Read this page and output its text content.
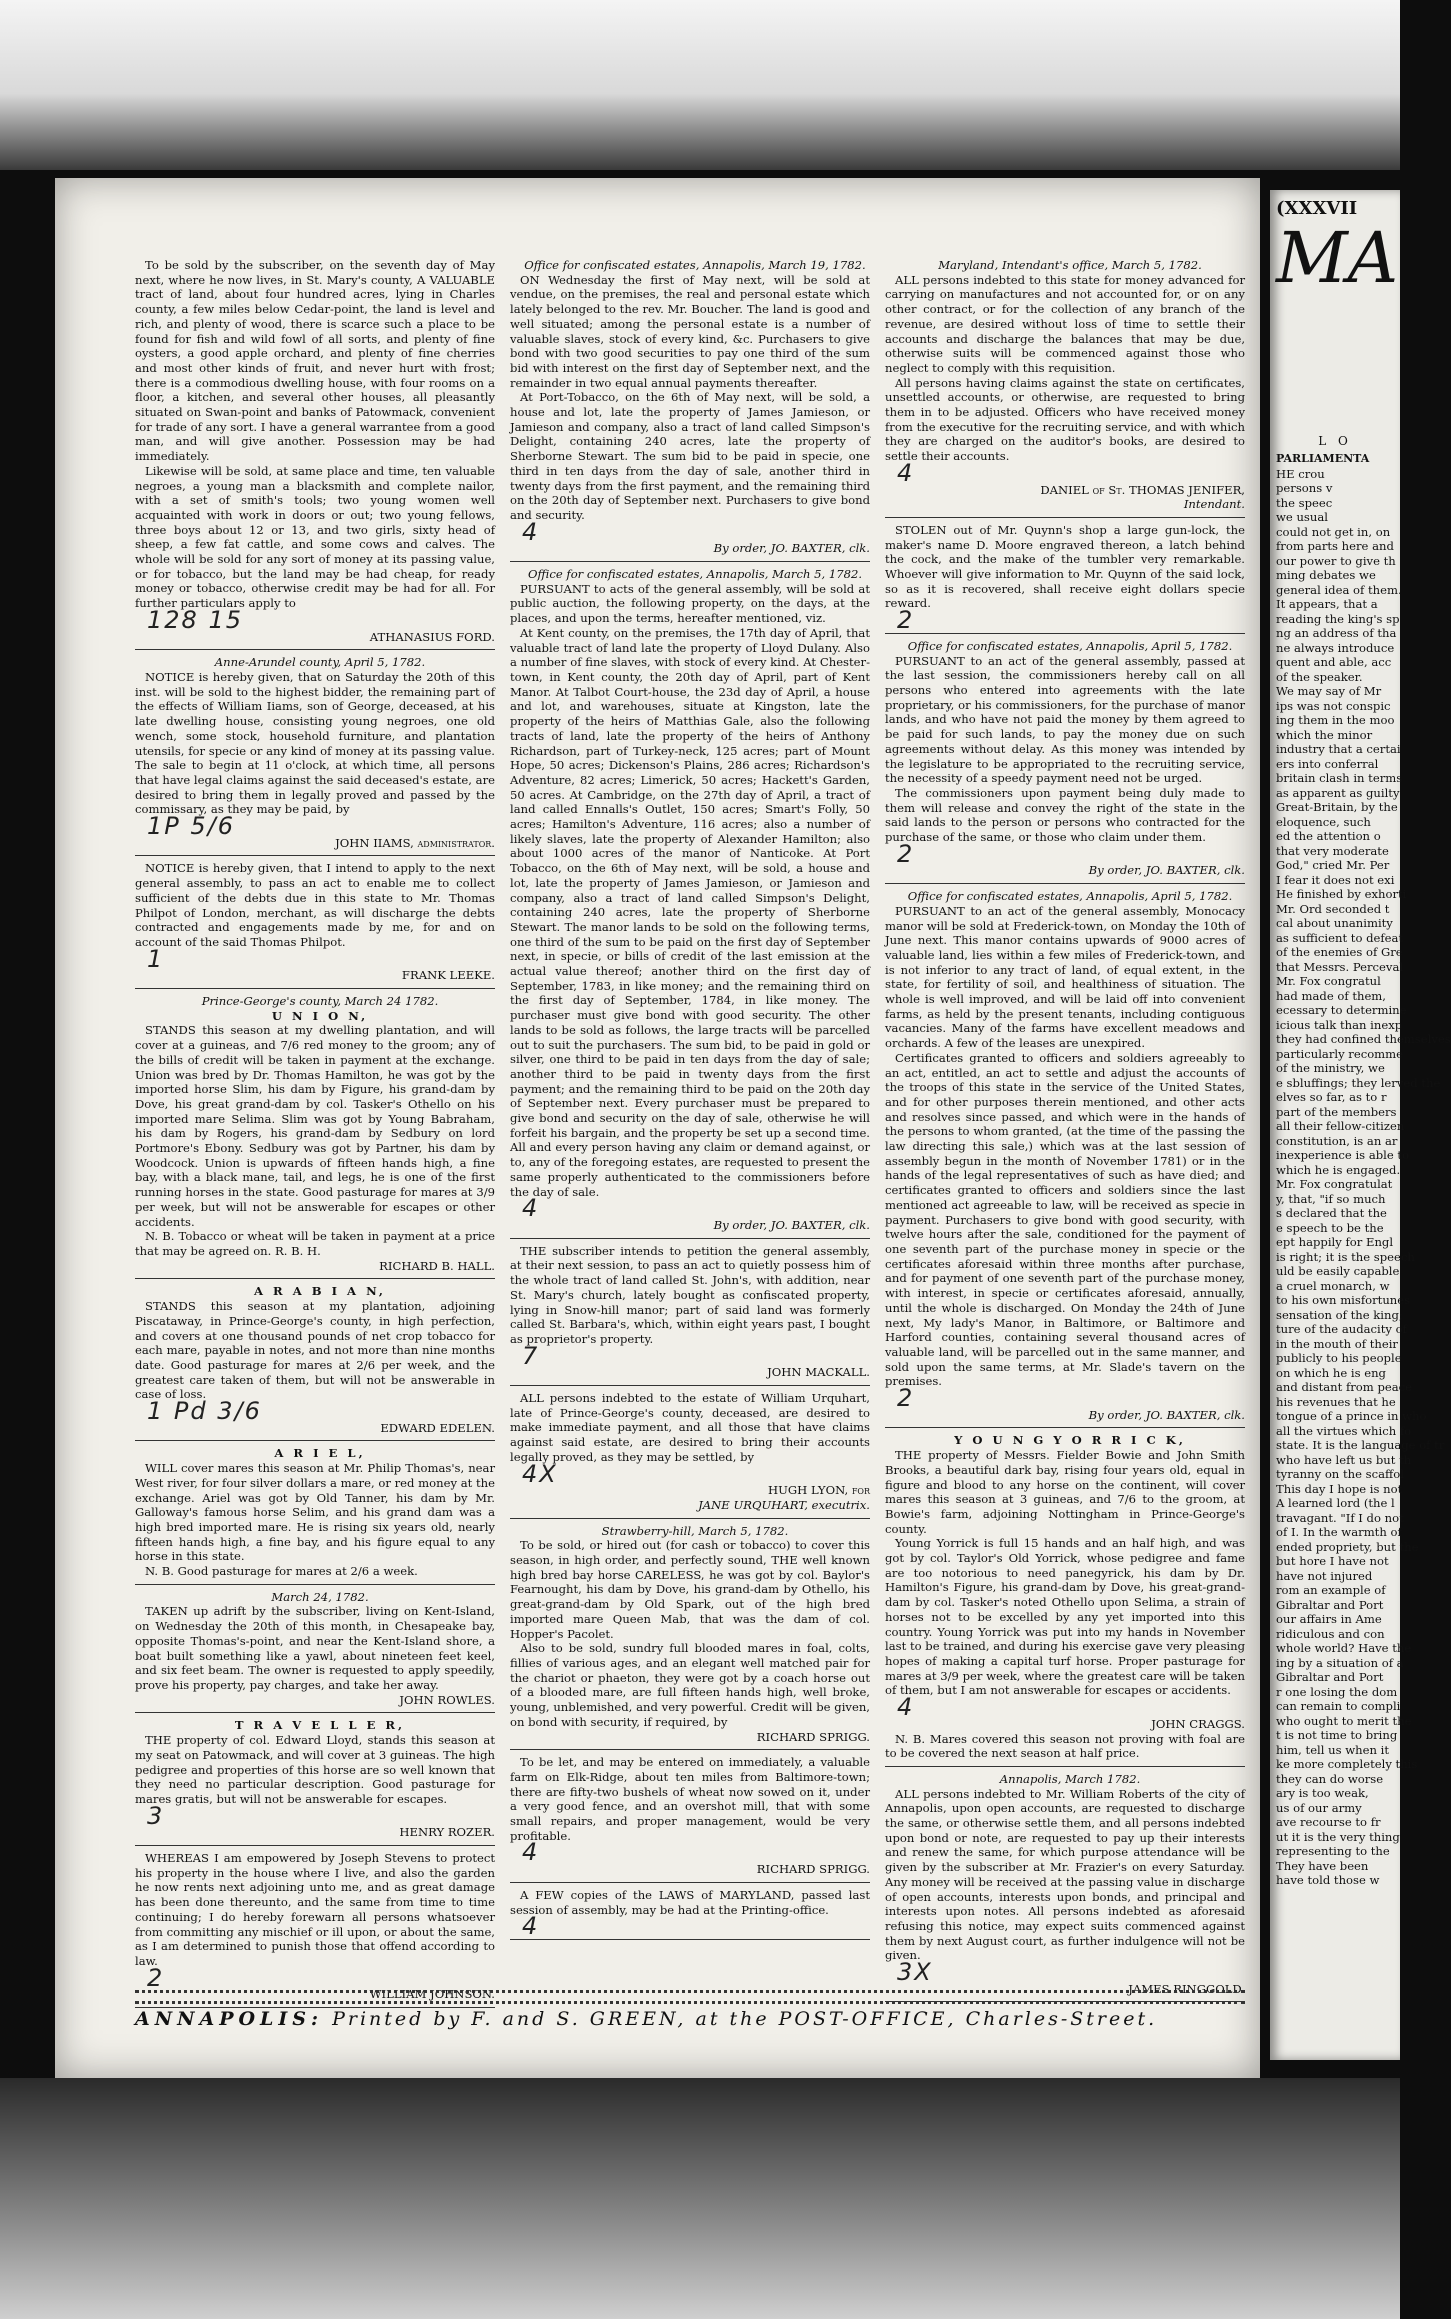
To be sold by the subscriber, on the seventh day of May next, where he now lives, in St. Mary's county, A VALUABLE tract of land, about four hundred acres, lying in Charles county, a few miles below Cedar-point, the land is level and rich, and plenty of wood, there is scarce such a place to be found for fish and wild fowl of all sorts, and plenty of fine oysters, a good apple orchard, and plenty of fine cherries and most other kinds of fruit, and never hurt with frost; there is a commodious dwelling house, with four rooms on a floor, a kitchen, and several other houses, all pleasantly situated on Swan-point and banks of Patowmack, convenient for trade of any sort. I have a general warrantee from a good man, and will give another. Possession may be had immediately.

Likewise will be sold, at same place and time, ten valuable negroes, a young man a blacksmith and complete nailor, with a set of smith's tools; two young women well acquainted with work in doors or out; two young fellows, three boys about 12 or 13, and two girls, sixty head of sheep, a few fat cattle, and some cows and calves. The whole will be sold for any sort of money at its passing value, or for tobacco, but the land may be had cheap, for ready money or tobacco, otherwise credit may be had for all. For further particulars apply to

128 15

ATHANASIUS FORD.

Anne-Arundel county, April 5, 1782.

NOTICE is hereby given, that on Saturday the 20th of this inst. will be sold to the highest bidder, the remaining part of the effects of William Iiams, son of George, deceased, at his late dwelling house, consisting young negroes, one old wench, some stock, household furniture, and plantation utensils, for specie or any kind of money at its passing value. The sale to begin at 11 o'clock, at which time, all persons that have legal claims against the said deceased's estate, are desired to bring them in legally proved and passed by the commissary, as they may be paid, by

1P 5/6

JOHN IIAMS, administrator.

NOTICE is hereby given, that I intend to apply to the next general assembly, to pass an act to enable me to collect sufficient of the debts due in this state to Mr. Thomas Philpot of London, merchant, as will discharge the debts contracted and engagements made by me, for and on account of the said Thomas Philpot.

1

FRANK LEEKE.

Prince-George's county, March 24 1782.

U N I O N,

STANDS this season at my dwelling plantation, and will cover at a guineas, and 7/6 red money to the groom; any of the bills of credit will be taken in payment at the exchange. Union was bred by Dr. Thomas Hamilton, he was got by the imported horse Slim, his dam by Figure, his grand-dam by Dove, his great grand-dam by col. Tasker's Othello on his imported mare Selima. Slim was got by Young Babraham, his dam by Rogers, his grand-dam by Sedbury on lord Portmore's Ebony. Sedbury was got by Partner, his dam by Woodcock. Union is upwards of fifteen hands high, a fine bay, with a black mane, tail, and legs, he is one of the first running horses in the state. Good pasturage for mares at 3/9 per week, but will not be answerable for escapes or other accidents.

N. B. Tobacco or wheat will be taken in payment at a price that may be agreed on. R. B. H.

RICHARD B. HALL.

A R A B I A N,

STANDS this season at my plantation, adjoining Piscataway, in Prince-George's county, in high perfection, and covers at one thousand pounds of net crop tobacco for each mare, payable in notes, and not more than nine months date. Good pasturage for mares at 2/6 per week, and the greatest care taken of them, but will not be answerable in case of loss.

1 Pd 3/6

EDWARD EDELEN.

A R I E L,

WILL cover mares this season at Mr. Philip Thomas's, near West river, for four silver dollars a mare, or red money at the exchange. Ariel was got by Old Tanner, his dam by Mr. Galloway's famous horse Selim, and his grand dam was a high bred imported mare. He is rising six years old, nearly fifteen hands high, a fine bay, and his figure equal to any horse in this state.

N. B. Good pasturage for mares at 2/6 a week.

March 24, 1782.

TAKEN up adrift by the subscriber, living on Kent-Island, on Wednesday the 20th of this month, in Chesapeake bay, opposite Thomas's-point, and near the Kent-Island shore, a boat built something like a yawl, about nineteen feet keel, and six feet beam. The owner is requested to apply speedily, prove his property, pay charges, and take her away.

JOHN ROWLES.

T R A V E L L E R,

THE property of col. Edward Lloyd, stands this season at my seat on Patowmack, and will cover at 3 guineas. The high pedigree and properties of this horse are so well known that they need no particular description. Good pasturage for mares gratis, but will not be answerable for escapes.

3

HENRY ROZER.

WHEREAS I am empowered by Joseph Stevens to protect his property in the house where I live, and also the garden he now rents next adjoining unto me, and as great damage has been done thereunto, and the same from time to time continuing; I do hereby forewarn all persons whatsoever from committing any mischief or ill upon, or about the same, as I am determined to punish those that offend according to law.

2

WILLIAM JOHNSON.

Office for confiscated estates, Annapolis, March 19, 1782.

ON Wednesday the first of May next, will be sold at vendue, on the premises, the real and personal estate which lately belonged to the rev. Mr. Boucher. The land is good and well situated; among the personal estate is a number of valuable slaves, stock of every kind, &c. Purchasers to give bond with two good securities to pay one third of the sum bid with interest on the first day of September next, and the remainder in two equal annual payments thereafter.

At Port-Tobacco, on the 6th of May next, will be sold, a house and lot, late the property of James Jamieson, or Jamieson and company, also a tract of land called Simpson's Delight, containing 240 acres, late the property of Sherborne Stewart. The sum bid to be paid in specie, one third in ten days from the day of sale, another third in twenty days from the first payment, and the remaining third on the 20th day of September next. Purchasers to give bond and security.

4

By order, JO. BAXTER, clk.

Office for confiscated estates, Annapolis, March 5, 1782.

PURSUANT to acts of the general assembly, will be sold at public auction, the following property, on the days, at the places, and upon the terms, hereafter mentioned, viz.

At Kent county, on the premises, the 17th day of April, that valuable tract of land late the property of Lloyd Dulany. Also a number of fine slaves, with stock of every kind. At Chester-town, in Kent county, the 20th day of April, part of Kent Manor. At Talbot Court-house, the 23d day of April, a house and lot, and warehouses, situate at Kingston, late the property of the heirs of Matthias Gale, also the following tracts of land, late the property of the heirs of Anthony Richardson, part of Turkey-neck, 125 acres; part of Mount Hope, 50 acres; Dickenson's Plains, 286 acres; Richardson's Adventure, 82 acres; Limerick, 50 acres; Hackett's Garden, 50 acres. At Cambridge, on the 27th day of April, a tract of land called Ennalls's Outlet, 150 acres; Smart's Folly, 50 acres; Hamilton's Adventure, 116 acres; also a number of likely slaves, late the property of Alexander Hamilton; also about 1000 acres of the manor of Nanticoke. At Port Tobacco, on the 6th of May next, will be sold, a house and lot, late the property of James Jamieson, or Jamieson and company, also a tract of land called Simpson's Delight, containing 240 acres, late the property of Sherborne Stewart. The manor lands to be sold on the following terms, one third of the sum to be paid on the first day of September next, in specie, or bills of credit of the last emission at the actual value thereof; another third on the first day of September, 1783, in like money; and the remaining third on the first day of September, 1784, in like money. The purchaser must give bond with good security. The other lands to be sold as follows, the large tracts will be parcelled out to suit the purchasers. The sum bid, to be paid in gold or silver, one third to be paid in ten days from the day of sale; another third to be paid in twenty days from the first payment; and the remaining third to be paid on the 20th day of September next. Every purchaser must be prepared to give bond and security on the day of sale, otherwise he will forfeit his bargain, and the property be set up a second time. All and every person having any claim or demand against, or to, any of the foregoing estates, are requested to present the same properly authenticated to the commissioners before the day of sale.

4

By order, JO. BAXTER, clk.

THE subscriber intends to petition the general assembly, at their next session, to pass an act to quietly possess him of the whole tract of land called St. John's, with addition, near St. Mary's church, lately bought as confiscated property, lying in Snow-hill manor; part of said land was formerly called St. Barbara's, which, within eight years past, I bought as proprietor's property.

7

JOHN MACKALL.

ALL persons indebted to the estate of William Urquhart, late of Prince-George's county, deceased, are desired to make immediate payment, and all those that have claims against said estate, are desired to bring their accounts legally proved, as they may be settled, by

4X

HUGH LYON, for

JANE URQUHART, executrix.

Strawberry-hill, March 5, 1782.

To be sold, or hired out (for cash or tobacco) to cover this season, in high order, and perfectly sound, THE well known high bred bay horse CARELESS, he was got by col. Baylor's Fearnought, his dam by Dove, his grand-dam by Othello, his great-grand-dam by Old Spark, out of the high bred imported mare Queen Mab, that was the dam of col. Hopper's Pacolet.

Also to be sold, sundry full blooded mares in foal, colts, fillies of various ages, and an elegant well matched pair for the chariot or phaeton, they were got by a coach horse out of a blooded mare, are full fifteen hands high, well broke, young, unblemished, and very powerful. Credit will be given, on bond with security, if required, by

RICHARD SPRIGG.

To be let, and may be entered on immediately, a valuable farm on Elk-Ridge, about ten miles from Baltimore-town; there are fifty-two bushels of wheat now sowed on it, under a very good fence, and an overshot mill, that with some small repairs, and proper management, would be very profitable.

4

RICHARD SPRIGG.

A FEW copies of the LAWS of MARYLAND, passed last session of assembly, may be had at the Printing-office.

4

Maryland, Intendant's office, March 5, 1782.

ALL persons indebted to this state for money advanced for carrying on manufactures and not accounted for, or on any other contract, or for the collection of any branch of the revenue, are desired without loss of time to settle their accounts and discharge the balances that may be due, otherwise suits will be commenced against those who neglect to comply with this requisition.

All persons having claims against the state on certificates, unsettled accounts, or otherwise, are requested to bring them in to be adjusted. Officers who have received money from the executive for the recruiting service, and with which they are charged on the auditor's books, are desired to settle their accounts.

4

DANIEL of St. THOMAS JENIFER,

Intendant.

STOLEN out of Mr. Quynn's shop a large gun-lock, the maker's name D. Moore engraved thereon, a latch behind the cock, and the make of the tumbler very remarkable. Whoever will give information to Mr. Quynn of the said lock, so as it is recovered, shall receive eight dollars specie reward.

2

Office for confiscated estates, Annapolis, April 5, 1782.

PURSUANT to an act of the general assembly, passed at the last session, the commissioners hereby call on all persons who entered into agreements with the late proprietary, or his commissioners, for the purchase of manor lands, and who have not paid the money by them agreed to be paid for such lands, to pay the money due on such agreements without delay. As this money was intended by the legislature to be appropriated to the recruiting service, the necessity of a speedy payment need not be urged.

The commissioners upon payment being duly made to them will release and convey the right of the state in the said lands to the person or persons who contracted for the purchase of the same, or those who claim under them.

2

By order, JO. BAXTER, clk.

Office for confiscated estates, Annapolis, April 5, 1782.

PURSUANT to an act of the general assembly, Monocacy manor will be sold at Frederick-town, on Monday the 10th of June next. This manor contains upwards of 9000 acres of valuable land, lies within a few miles of Frederick-town, and is not inferior to any tract of land, of equal extent, in the state, for fertility of soil, and healthiness of situation. The whole is well improved, and will be laid off into convenient farms, as held by the present tenants, including contiguous vacancies. Many of the farms have excellent meadows and orchards. A few of the leases are unexpired.

Certificates granted to officers and soldiers agreeably to an act, entitled, an act to settle and adjust the accounts of the troops of this state in the service of the United States, and for other purposes therein mentioned, and other acts and resolves since passed, and which were in the hands of the persons to whom granted, (at the time of the passing the law directing this sale,) which was at the last session of assembly begun in the month of November 1781) or in the hands of the legal representatives of such as have died; and certificates granted to officers and soldiers since the last mentioned act agreeable to law, will be received as specie in payment. Purchasers to give bond with good security, with twelve hours after the sale, conditioned for the payment of one seventh part of the purchase money in specie or the certificates aforesaid within three months after purchase, and for payment of one seventh part of the purchase money, with interest, in specie or certificates aforesaid, annually, until the whole is discharged. On Monday the 24th of June next, My lady's Manor, in Baltimore, or Baltimore and Harford counties, containing several thousand acres of valuable land, will be parcelled out in the same manner, and sold upon the same terms, at Mr. Slade's tavern on the premises.

2

By order, JO. BAXTER, clk.

Y O U N G Y O R R I C K,

THE property of Messrs. Fielder Bowie and John Smith Brooks, a beautiful dark bay, rising four years old, equal in figure and blood to any horse on the continent, will cover mares this season at 3 guineas, and 7/6 to the groom, at Bowie's farm, adjoining Nottingham in Prince-George's county.

Young Yorrick is full 15 hands and an half high, and was got by col. Taylor's Old Yorrick, whose pedigree and fame are too notorious to need panegyrick, his dam by Dr. Hamilton's Figure, his grand-dam by Dove, his great-grand-dam by col. Tasker's noted Othello upon Selima, a strain of horses not to be excelled by any yet imported into this country. Young Yorrick was put into my hands in November last to be trained, and during his exercise gave very pleasing hopes of making a capital turf horse. Proper pasturage for mares at 3/9 per week, where the greatest care will be taken of them, but I am not answerable for escapes or accidents.

4

JOHN CRAGGS.

N. B. Mares covered this season not proving with foal are to be covered the next season at half price.

Annapolis, March 1782.

ALL persons indebted to Mr. William Roberts of the city of Annapolis, upon open accounts, are requested to discharge the same, or otherwise settle them, and all persons indebted upon bond or note, are requested to pay up their interests and renew the same, for which purpose attendance will be given by the subscriber at Mr. Frazier's on every Saturday. Any money will be received at the passing value in discharge of open accounts, interests upon bonds, and principal and interests upon notes. All persons indebted as aforesaid refusing this notice, may expect suits commenced against them by next August court, as further indulgence will not be given.

3X

JAMES RINGGOLD.

ANNAPOLIS: Printed by F. and S. GREEN, at the POST-OFFICE, Charles-Street.
(XXXVII
MA
L O
PARLIAMENTA
HE crou
persons v
the speec
we usual
could not get in, on
from parts here and
our power to give th
ming debates we
general idea of them.
It appears, that a
reading the king's sp
ng an address of tha
ne always introduce
quent and able, acc
of the speaker.
We may say of Mr
ips was not conspic
ing them in the moo
which the minor
industry that a certai
ers into conferral
britain clash in terms
as apparent as guilty
Great-Britain, by the
eloquence, such
ed the attention o
that very moderate
God," cried Mr. Per
I fear it does not exi
He finished by exhorti
Mr. Ord seconded t
cal about unanimity
as sufficient to defeat
of the enemies of Gre
that Messrs. Perceval
Mr. Fox congratul
had made of them,
ecessary to determine
icious talk than inexp
they had confined themselves
particularly recomme
of the ministry, we
e sbluffings; they lerved the
elves so far, as to r
part of the members
all their fellow-citizen
constitution, is an ar
inexperience is able to
which he is engaged.
Mr. Fox congratulat
y, that, "if so much
s declared that the
e speech to be the
ept happily for Engl
is right; it is the speech
uld be easily capable
a cruel monarch, w
to his own misfortunes
sensation of the king;
ture of the audacity of
in the mouth of their
publicly to his people
on which he is eng
and distant from peace
his revenues that he
tongue of a prince in who
all the virtues which fo
state. It is the language of tr
who have left us but th
tyranny on the scaffol
This day I hope is not
A learned lord (the l
travagant. "If I do not
of I. In the warmth of
ended propriety, but the
but hore I have not
have not injured
rom an example of
Gibraltar and Port
our affairs in Ame
ridiculous and con
whole world? Have the
ing by a situation of a
Gibraltar and Port
r one losing the dom
can remain to compli
who ought to merit the
t is not time to bring
him, tell us when it
ke more completely this
they can do worse
ary is too weak,
us of our army
ave recourse to fr
ut it is the very thing
representing to the
They have been
have told those w
